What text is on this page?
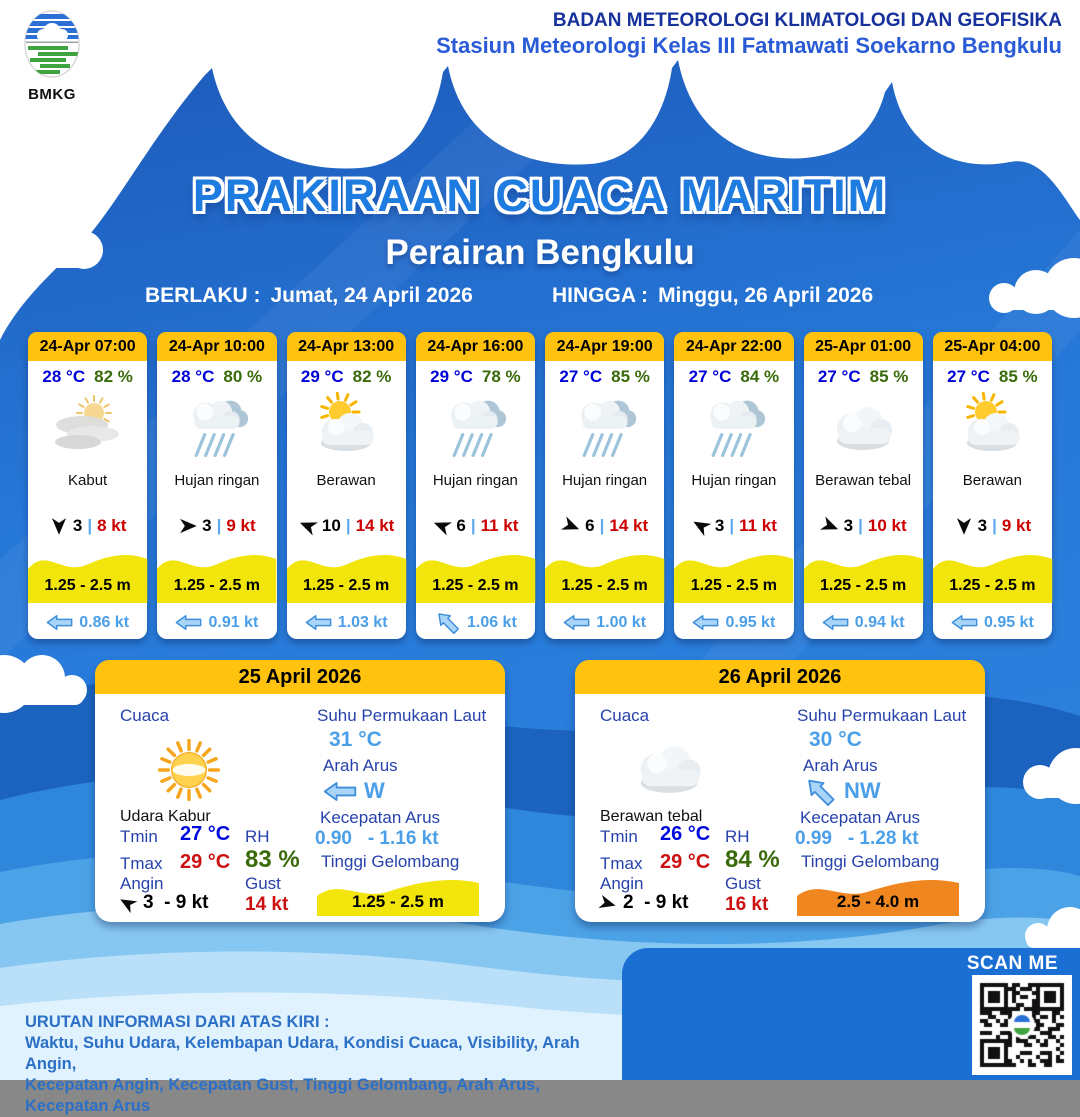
BMKG
BADAN METEOROLOGI KLIMATOLOGI DAN GEOFISIKA
Stasiun Meteorologi Kelas III Fatmawati Soekarno Bengkulu
PRAKIRAAN CUACA MARITIM
Perairan Bengkulu
BERLAKU : Jumat, 24 April 2026	HINGGA : Minggu, 26 April 2026
24-Apr 07:00
28 °C 82 %
Kabut
3 | 8 kt
1.25 - 2.5 m
0.86 kt
24-Apr 10:00
28 °C 80 %
Hujan ringan
3 | 9 kt
1.25 - 2.5 m
0.91 kt
24-Apr 13:00
29 °C 82 %
Berawan
10 | 14 kt
1.25 - 2.5 m
1.03 kt
24-Apr 16:00
29 °C 78 %
Hujan ringan
6 | 11 kt
1.25 - 2.5 m
1.06 kt
24-Apr 19:00
27 °C 85 %
Hujan ringan
6 | 14 kt
1.25 - 2.5 m
1.00 kt
24-Apr 22:00
27 °C 84 %
Hujan ringan
3 | 11 kt
1.25 - 2.5 m
0.95 kt
25-Apr 01:00
27 °C 85 %
Berawan tebal
3 | 10 kt
1.25 - 2.5 m
0.94 kt
25-Apr 04:00
27 °C 85 %
Berawan
3 | 9 kt
1.25 - 2.5 m
0.95 kt
25 April 2026
Cuaca
Udara Kabur
Tmin 27 °C
Tmax 29 °C
Angin
3  - 9 kt
RH
83 %
Gust
14 kt
Suhu Permukaan Laut
31 °C
Arah Arus
W
Kecepatan Arus
0.90   - 1.16 kt
Tinggi Gelombang
1.25 - 2.5 m
26 April 2026
Cuaca
Berawan tebal
Tmin 26 °C
Tmax 29 °C
Angin
2  - 9 kt
RH
84 %
Gust
16 kt
Suhu Permukaan Laut
30 °C
Arah Arus
NW
Kecepatan Arus
0.99   - 1.28 kt
Tinggi Gelombang
2.5 - 4.0 m
URUTAN INFORMASI DARI ATAS KIRI :
Waktu, Suhu Udara, Kelembapan Udara, Kondisi Cuaca, Visibility, Arah Angin,
Kecepatan Angin, Kecepatan Gust, Tinggi Gelombang, Arah Arus, Kecepatan Arus
SCAN ME
